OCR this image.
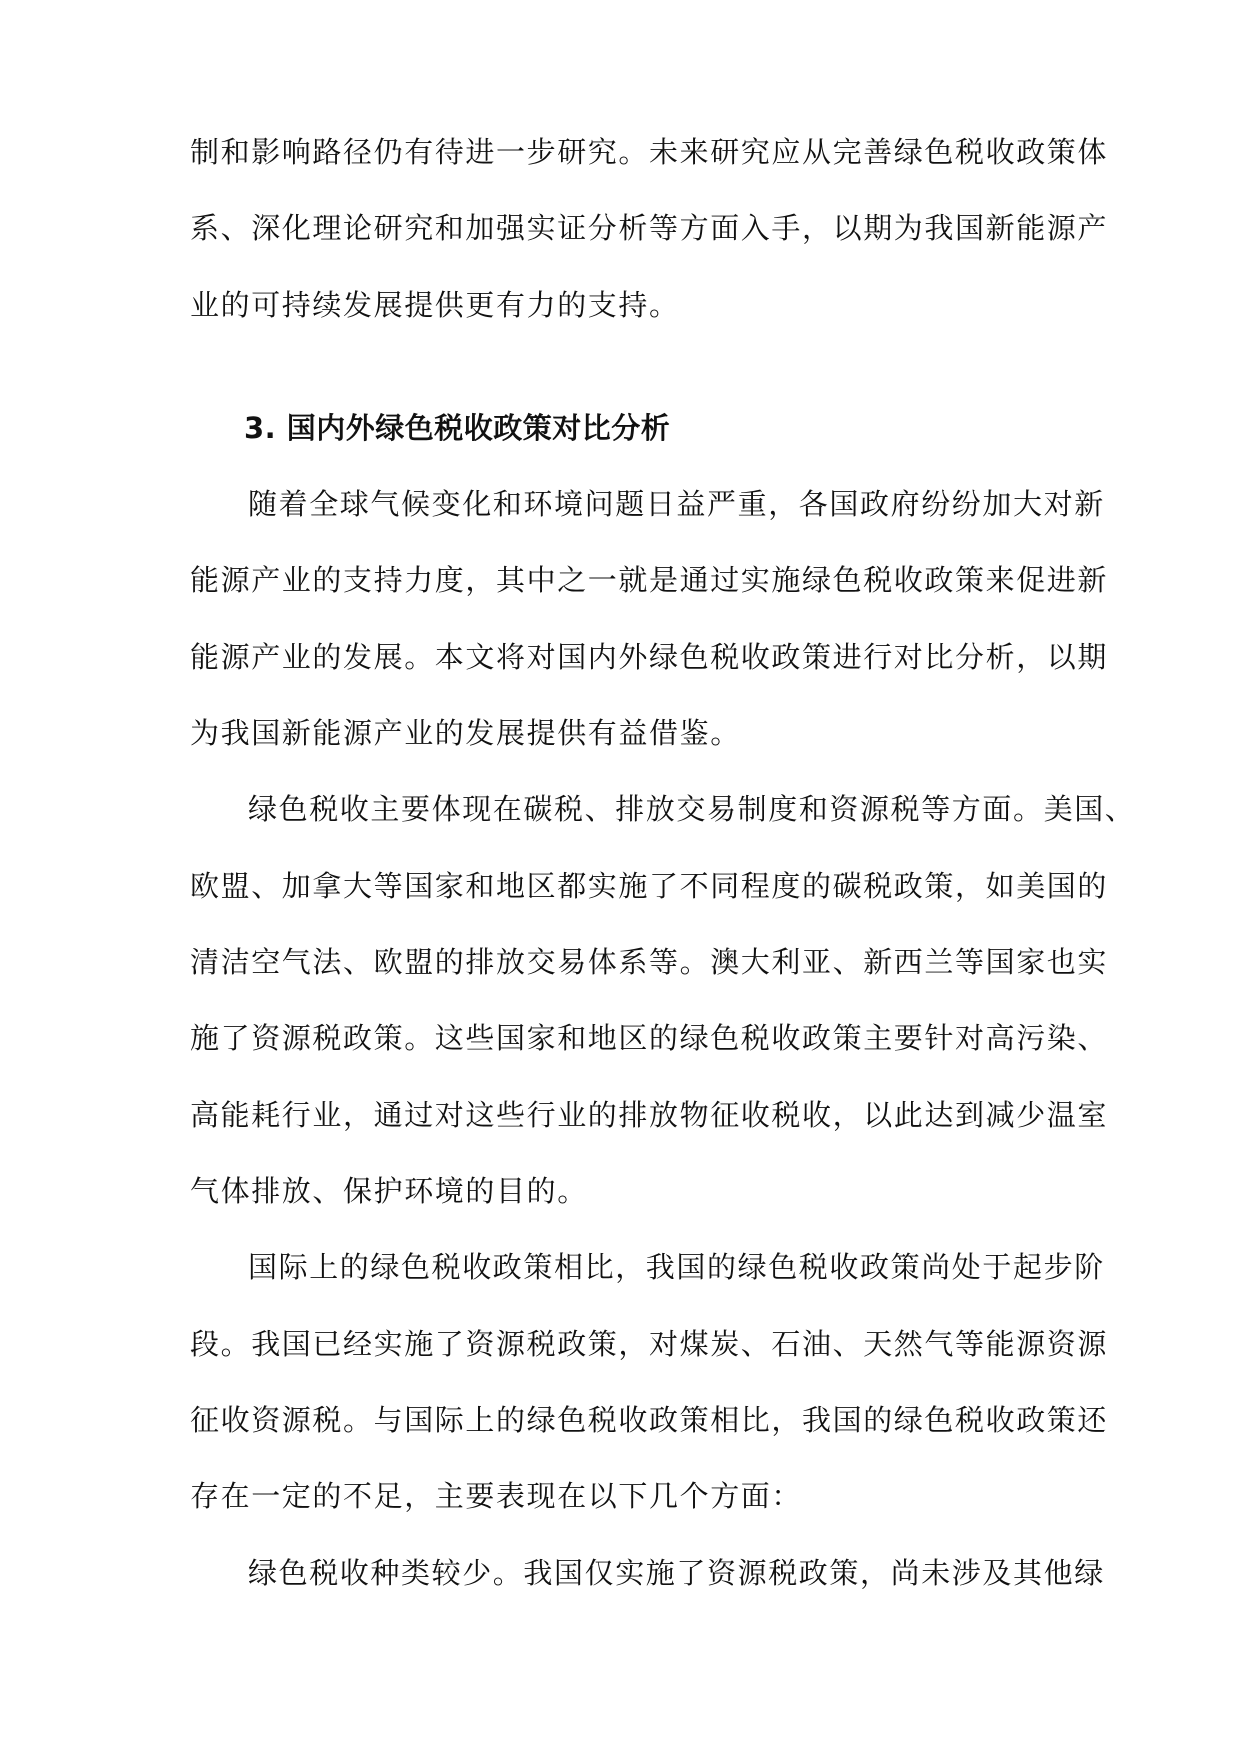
制和影响路径仍有待进一步研究。未来研究应从完善绿色税收政策体
系、深化理论研究和加强实证分析等方面入手，以期为我国新能源产
业的可持续发展提供更有力的支持。
3. 国内外绿色税收政策对比分析
随着全球气候变化和环境问题日益严重，各国政府纷纷加大对新
能源产业的支持力度，其中之一就是通过实施绿色税收政策来促进新
能源产业的发展。本文将对国内外绿色税收政策进行对比分析，以期
为我国新能源产业的发展提供有益借鉴。
绿色税收主要体现在碳税、排放交易制度和资源税等方面。美国、
欧盟、加拿大等国家和地区都实施了不同程度的碳税政策，如美国的
清洁空气法、欧盟的排放交易体系等。澳大利亚、新西兰等国家也实
施了资源税政策。这些国家和地区的绿色税收政策主要针对高污染、
高能耗行业，通过对这些行业的排放物征收税收，以此达到减少温室
气体排放、保护环境的目的。
国际上的绿色税收政策相比，我国的绿色税收政策尚处于起步阶
段。我国已经实施了资源税政策，对煤炭、石油、天然气等能源资源
征收资源税。与国际上的绿色税收政策相比，我国的绿色税收政策还
存在一定的不足，主要表现在以下几个方面：
绿色税收种类较少。我国仅实施了资源税政策，尚未涉及其他绿
